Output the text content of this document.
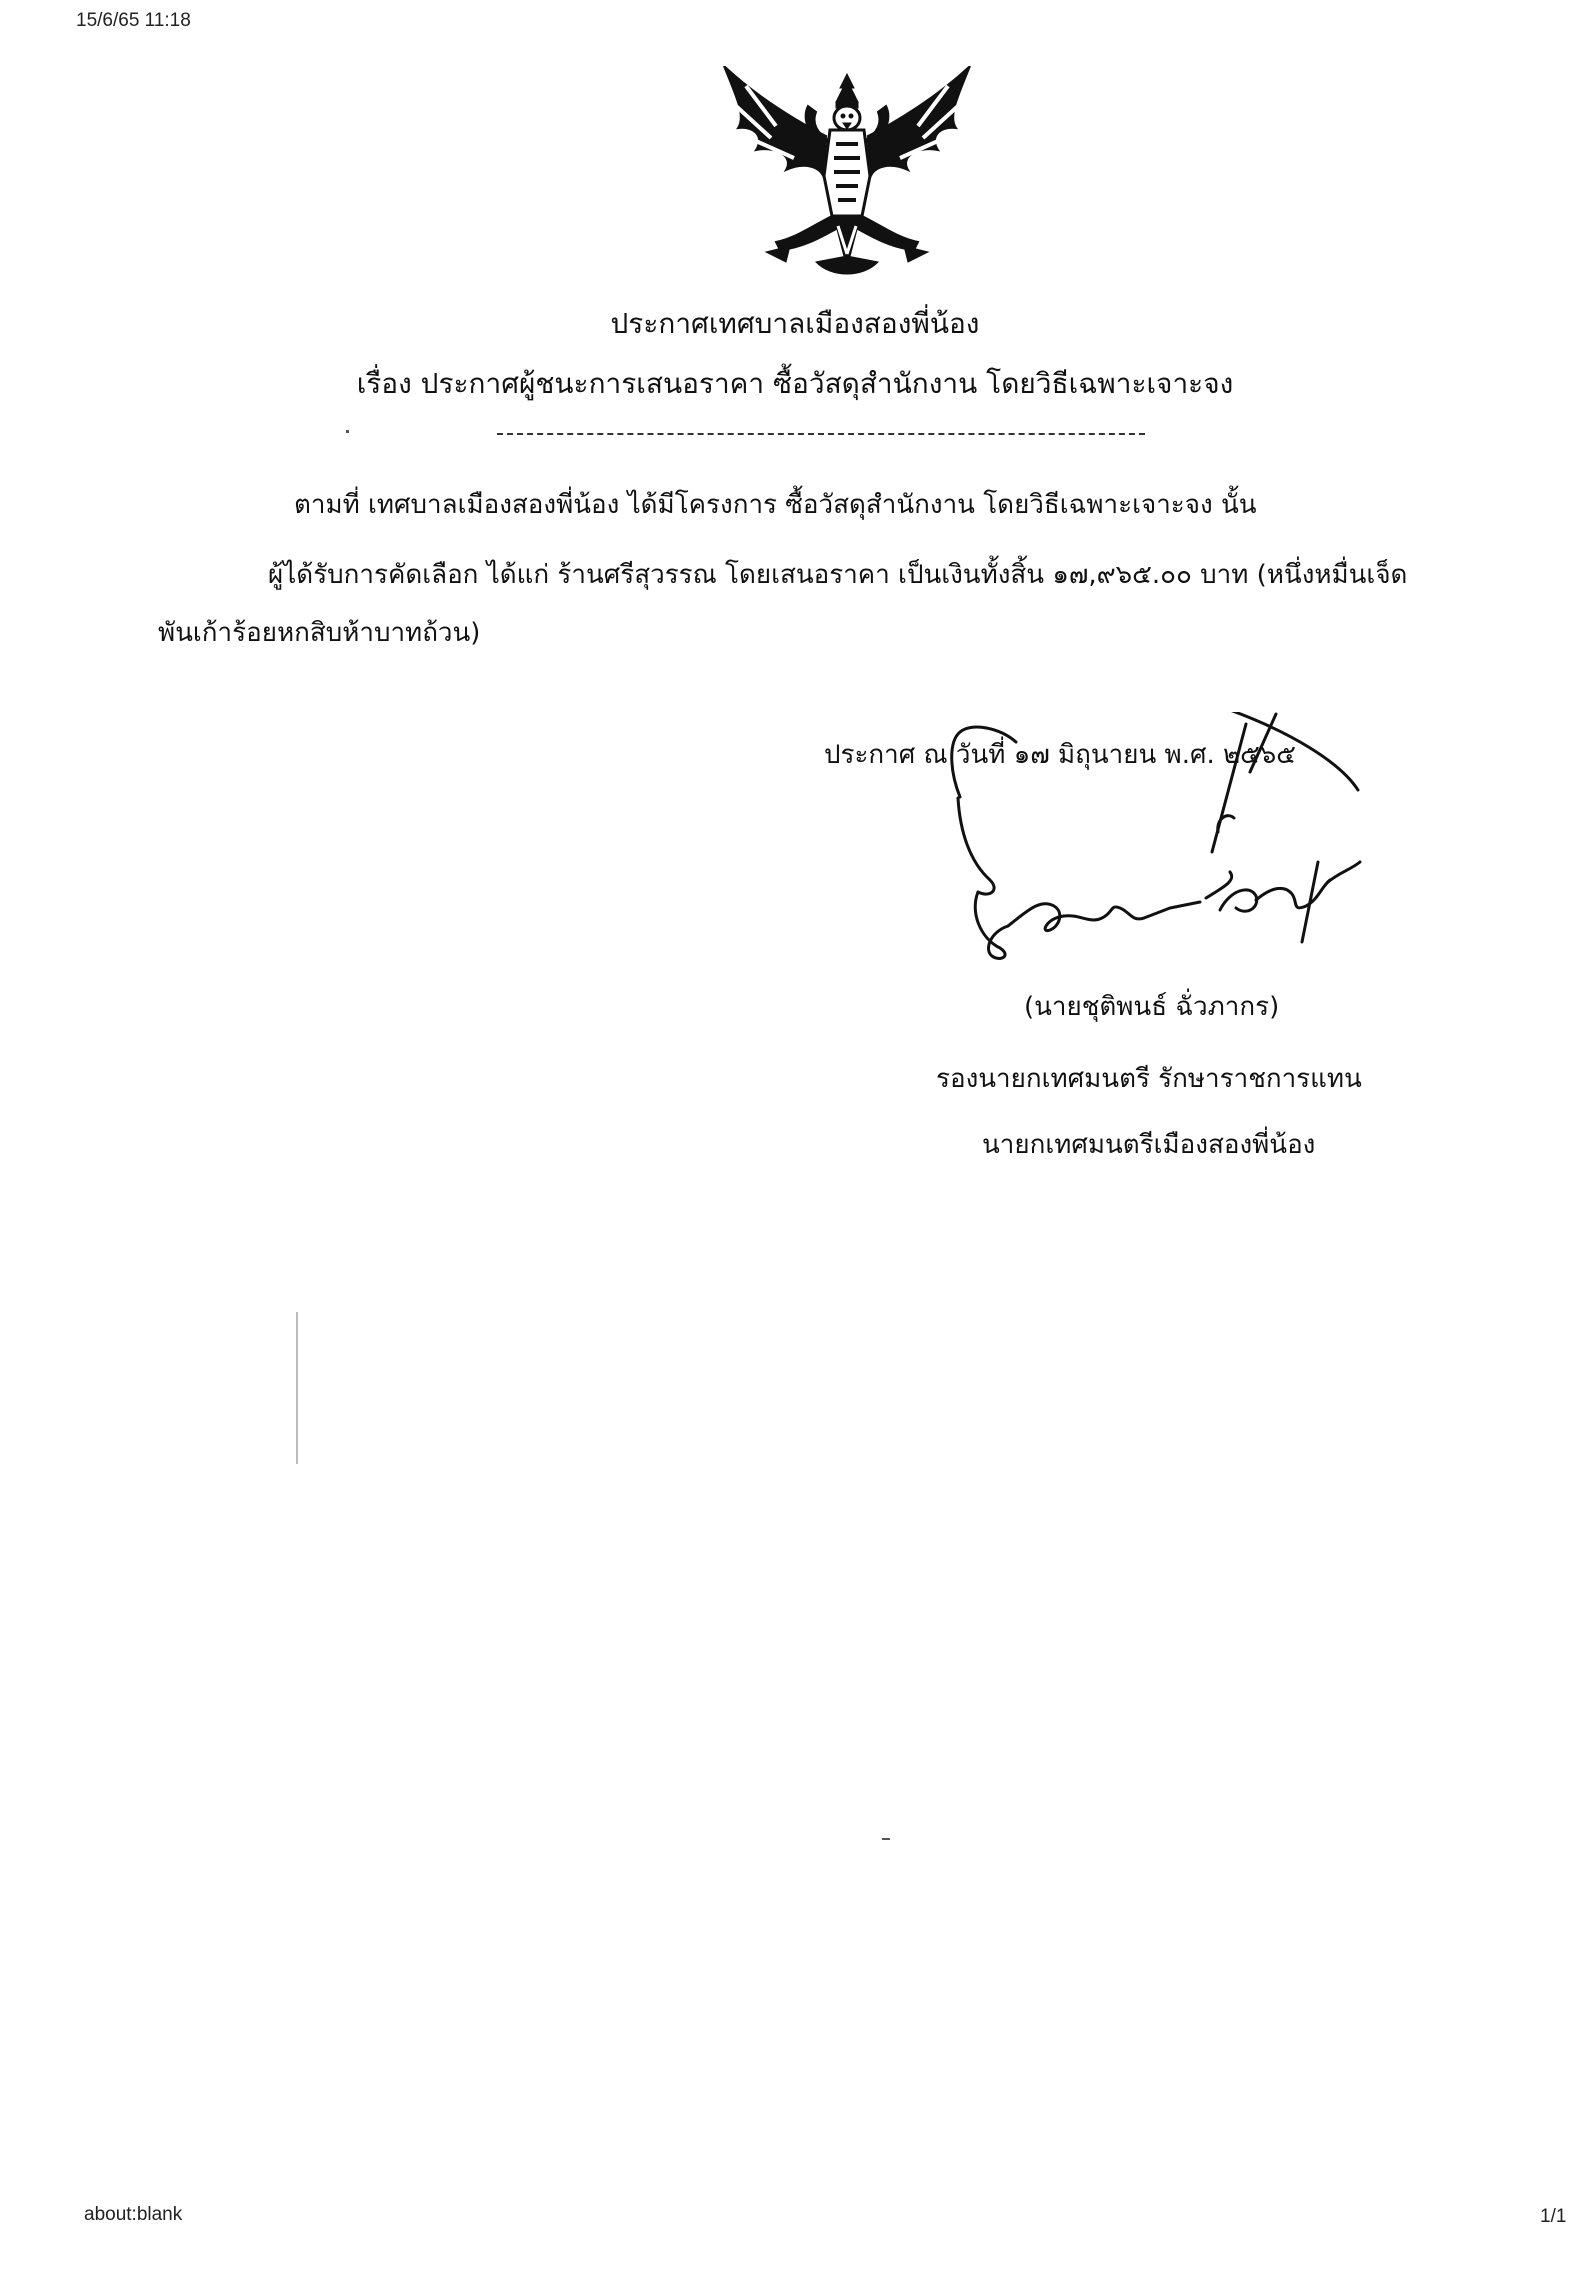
15/6/65 11:18
about:blank	1/1
ประกาศเทศบาลเมืองสองพี่น้อง
เรื่อง ประกาศผู้ชนะการเสนอราคา ซื้อวัสดุสำนักงาน โดยวิธีเฉพาะเจาะจง
ตามที่ เทศบาลเมืองสองพี่น้อง ได้มีโครงการ ซื้อวัสดุสำนักงาน โดยวิธีเฉพาะเจาะจง นั้น
ผู้ได้รับการคัดเลือก ได้แก่ ร้านศรีสุวรรณ โดยเสนอราคา เป็นเงินทั้งสิ้น ๑๗,๙๖๕.๐๐ บาท (หนึ่งหมื่นเจ็ด
พันเก้าร้อยหกสิบห้าบาทถ้วน)
ประกาศ ณ วันที่ ๑๗ มิถุนายน พ.ศ. ๒๕๖๕
(นายชุติพนธ์ ฉั่วภากร)
รองนายกเทศมนตรี รักษาราชการแทน
นายกเทศมนตรีเมืองสองพี่น้อง
